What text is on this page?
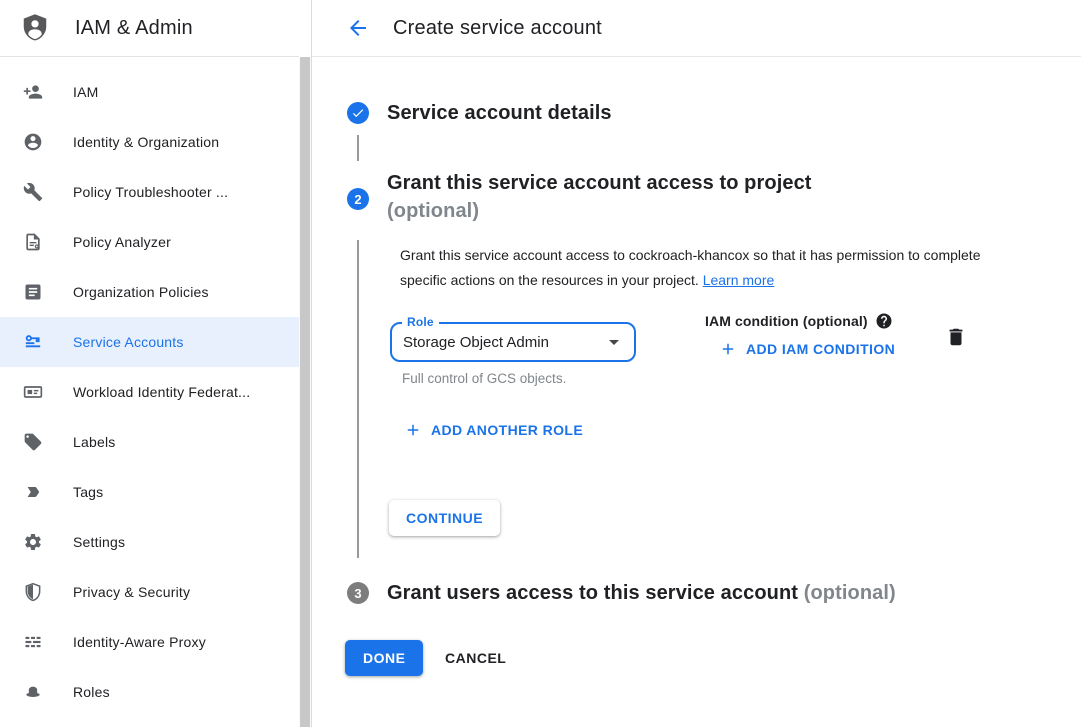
IAM & Admin
IAM
Identity & Organization
Policy Troubleshooter ...
Policy Analyzer
Organization Policies
Service Accounts
Workload Identity Federat...
Labels
Tags
Settings
Privacy & Security
Identity-Aware Proxy
Roles
Create service account
Service account details
2
Grant this service account access to project
(optional)
Grant this service account access to cockroach-khancox so that it has permission to complete specific actions on the resources in your project. Learn more
Role
Storage Object Admin
Full control of GCS objects.
IAM condition (optional)
ADD IAM CONDITION
ADD ANOTHER ROLE
CONTINUE
3 Grant users access to this service account (optional)
DONE	CANCEL
